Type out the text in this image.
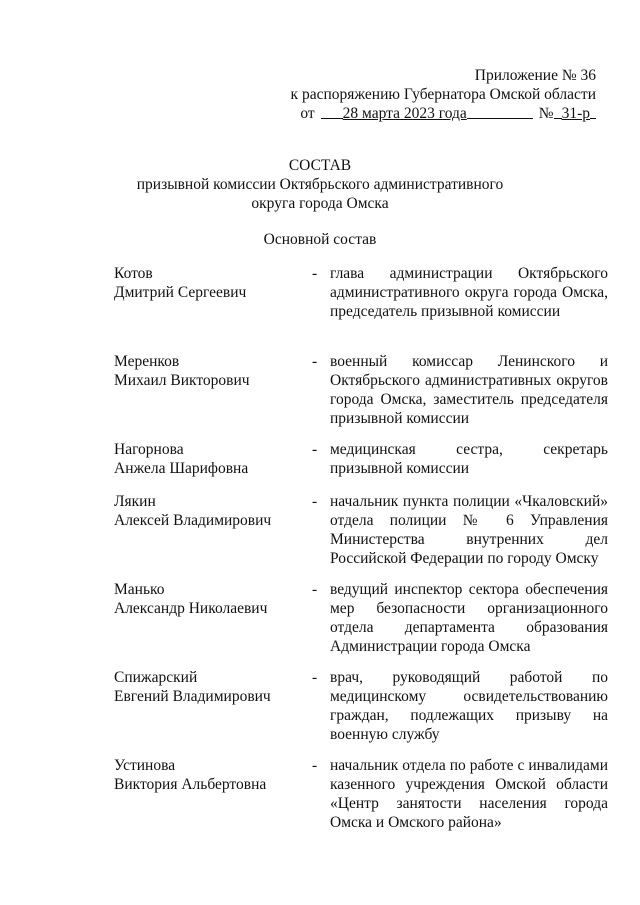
Приложение № 36
к распоряжению Губернатора Омской области
от 28 марта 2023 года	№ 31-р
СОСТАВ
призывной комиссии Октябрьского административного
округа города Омска
Основной состав
Котов
Дмитрий Сергеевич
- глава администрации Октябрьского административного округа города Омска, председатель призывной комиссии
Меренков
Михаил Викторович
- военный комиссар Ленинского и Октябрьского административных округов города Омска, заместитель председателя призывной комиссии
Нагорнова
Анжела Шарифовна
- медицинская сестра, секретарь призывной комиссии
Лякин
Алексей Владимирович
- начальник пункта полиции «Чкаловский» отдела полиции № 6 Управления Министерства внутренних дел Российской Федерации по городу Омску
Манько
Александр Николаевич
- ведущий инспектор сектора обеспечения мер безопасности организационного отдела департамента образования Администрации города Омска
Спижарский
Евгений Владимирович
- врач, руководящий работой по медицинскому освидетельствованию граждан, подлежащих призыву на военную службу
Устинова
Виктория Альбертовна
- начальник отдела по работе с инвалидами казенного учреждения Омской области «Центр занятости населения города Омска и Омского района»
